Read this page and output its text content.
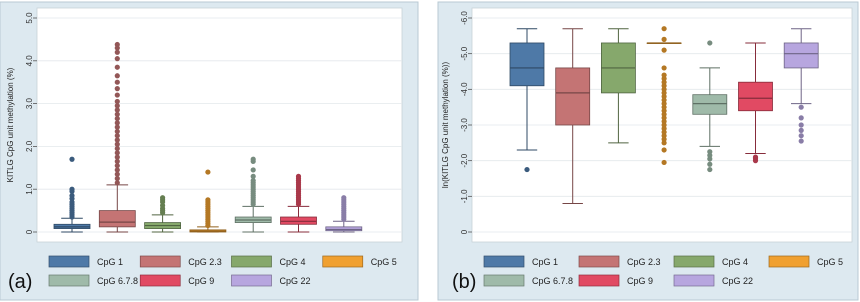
0
1.0
2.0
3.0
4.0
5.0
KITLG CpG unit methylation (%)
CpG 1	CpG 2.3	CpG 4	CpG 5
CpG 6.7.8	CpG 9	CpG 22
(a)
0
-1.0
-2.0
-3.0
-4.0
-5.0
-6.0
ln(KITLG CpG unit methylation (%))
CpG 1	CpG 2.3	CpG 4	CpG 5
CpG 6.7.8	CpG 9	CpG 22
(b)
